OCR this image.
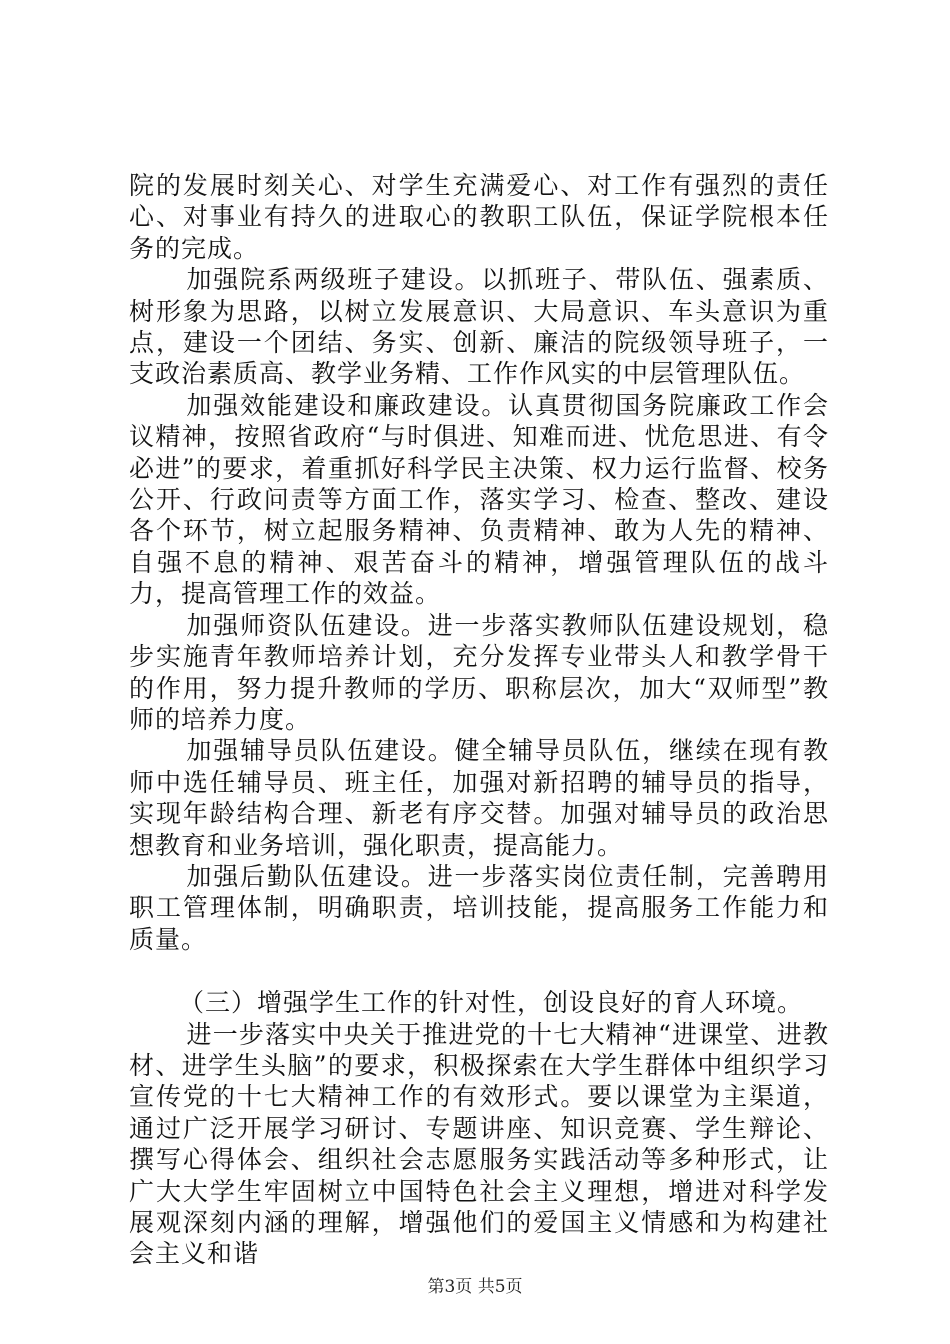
院的发展时刻关心、对学生充满爱心、对工作有强烈的责任心、对事业有持久的进取心的教职工队伍，保证学院根本任务的完成。

加强院系两级班子建设。以抓班子、带队伍、强素质、树形象为思路，以树立发展意识、大局意识、车头意识为重点，建设一个团结、务实、创新、廉洁的院级领导班子，一支政治素质高、教学业务精、工作作风实的中层管理队伍。

加强效能建设和廉政建设。认真贯彻国务院廉政工作会议精神，按照省政府“与时俱进、知难而进、忧危思进、有令必进”的要求，着重抓好科学民主决策、权力运行监督、校务公开、行政问责等方面工作，落实学习、检查、整改、建设各个环节，树立起服务精神、负责精神、敢为人先的精神、自强不息的精神、艰苦奋斗的精神，增强管理队伍的战斗力，提高管理工作的效益。

加强师资队伍建设。进一步落实教师队伍建设规划，稳步实施青年教师培养计划，充分发挥专业带头人和教学骨干的作用，努力提升教师的学历、职称层次，加大“双师型”教师的培养力度。

加强辅导员队伍建设。健全辅导员队伍，继续在现有教师中选任辅导员、班主任，加强对新招聘的辅导员的指导，实现年龄结构合理、新老有序交替。加强对辅导员的政治思想教育和业务培训，强化职责，提高能力。

加强后勤队伍建设。进一步落实岗位责任制，完善聘用职工管理体制，明确职责，培训技能，提高服务工作能力和质量。

（三）增强学生工作的针对性，创设良好的育人环境。

进一步落实中央关于推进党的十七大精神“进课堂、进教材、进学生头脑”的要求，积极探索在大学生群体中组织学习宣传党的十七大精神工作的有效形式。要以课堂为主渠道，通过广泛开展学习研讨、专题讲座、知识竞赛、学生辩论、撰写心得体会、组织社会志愿服务实践活动等多种形式，让广大大学生牢固树立中国特色社会主义理想，增进对科学发展观深刻内涵的理解，增强他们的爱国主义情感和为构建社会主义和谐

第3页 共5页
